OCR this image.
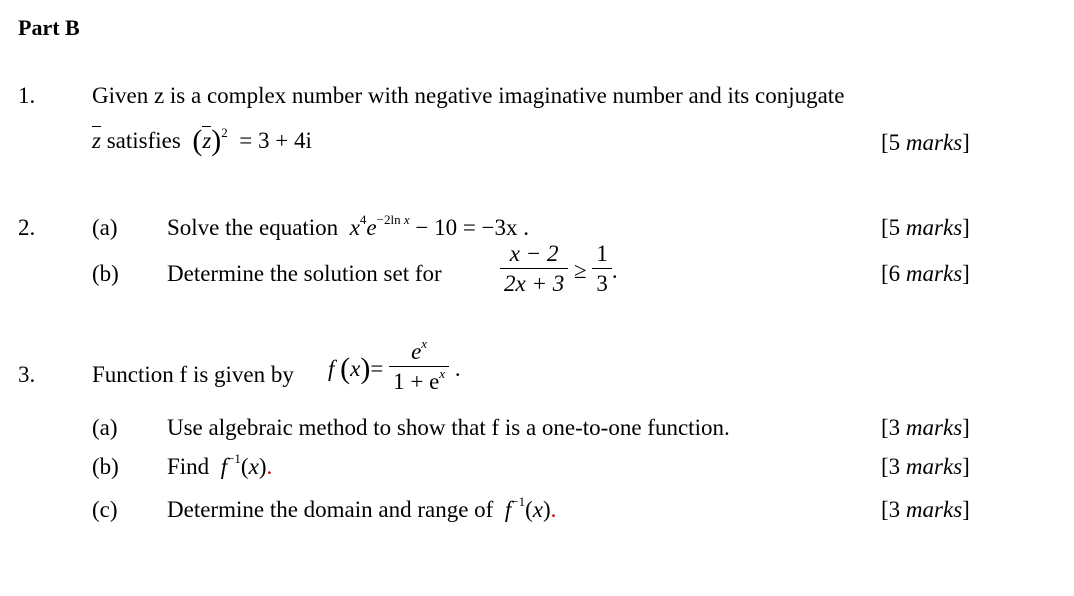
Part B
1. Given z is a complex number with negative imaginative number and its conjugate
z satisfies $(z)^2 = 3 + 4i$	[5 marks]
2. (a) Solve the equation $x^4e^{-2ln x} - 10 = -3x$ .	[5 marks]
(b) Determine the solution set for	$\frac{x - 2}{2x + 3} \ge \frac{1}{3}$ .	[6 marks]
3. Function f is given by f $(x)= \frac{e^x}{1 + e^x}$ .
(a) Use algebraic method to show that f is a one-to-one function.	[3 marks]
(b) Find $f^{-1}(x)$.	[3 marks]
(c) Determine the domain and range of $f^{-1}(x)$.	[3 marks]
